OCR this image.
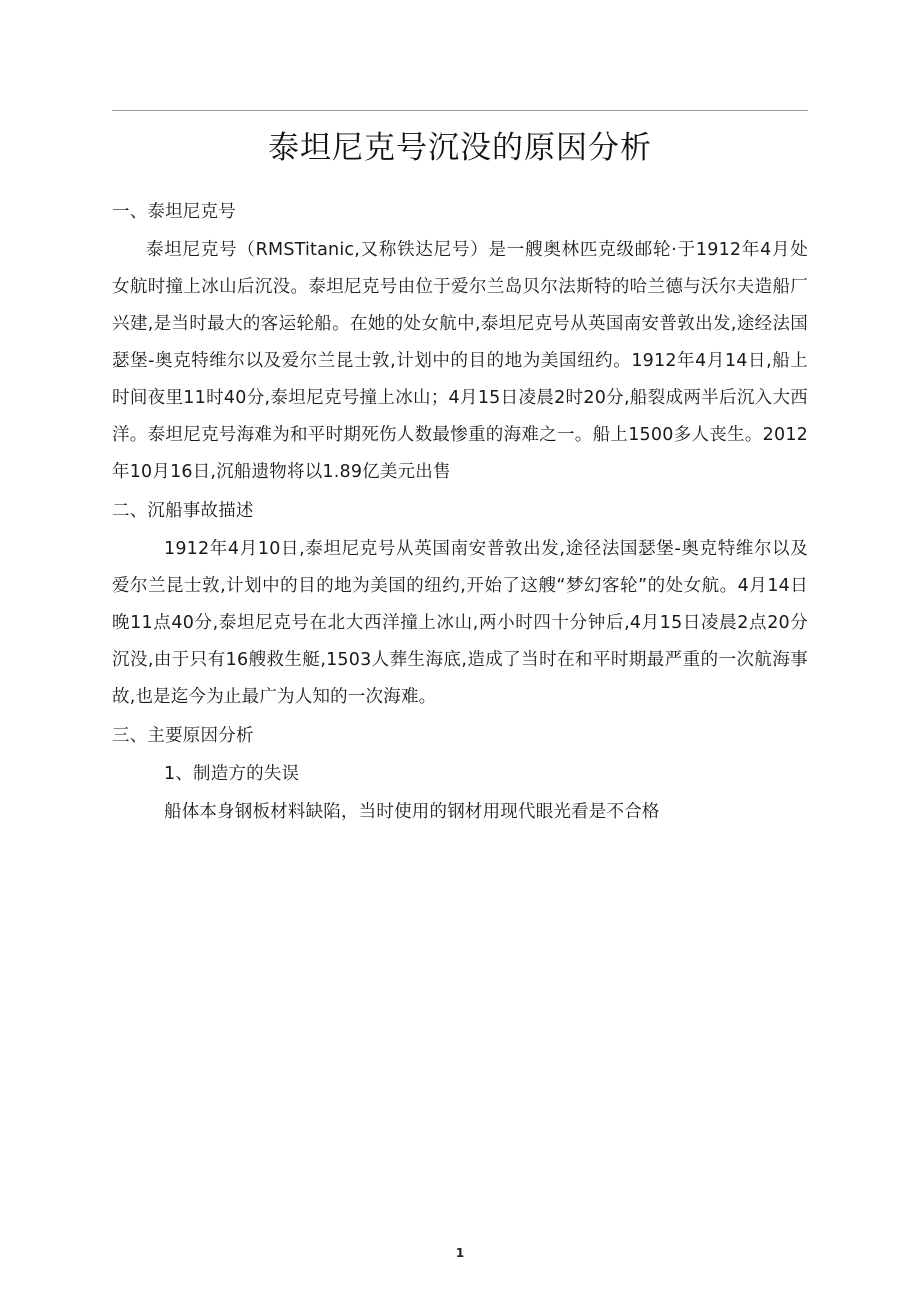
泰坦尼克号沉没的原因分析

一、泰坦尼克号

泰坦尼克号（RMSTitanic,又称铁达尼号）是一艘奥林匹克级邮轮·于1912年4月处女航时撞上冰山后沉没。泰坦尼克号由位于爱尔兰岛贝尔法斯特的哈兰德与沃尔夫造船厂兴建,是当时最大的客运轮船。在她的处女航中,泰坦尼克号从英国南安普敦出发,途经法国瑟堡-奥克特维尔以及爱尔兰昆士敦,计划中的目的地为美国纽约。1912年4月14日,船上时间夜里11时40分,泰坦尼克号撞上冰山；4月15日凌晨2时20分,船裂成两半后沉入大西洋。泰坦尼克号海难为和平时期死伤人数最惨重的海难之一。船上1500多人丧生。2012年10月16日,沉船遗物将以1.89亿美元出售

二、沉船事故描述

1912年4月10日,泰坦尼克号从英国南安普敦出发,途径法国瑟堡-奥克特维尔以及爱尔兰昆士敦,计划中的目的地为美国的纽约,开始了这艘“梦幻客轮”的处女航。4月14日晚11点40分,泰坦尼克号在北大西洋撞上冰山,两小时四十分钟后,4月15日凌晨2点20分沉没,由于只有16艘救生艇,1503人葬生海底,造成了当时在和平时期最严重的一次航海事故,也是迄今为止最广为人知的一次海难。

三、主要原因分析

1、制造方的失误

船体本身钢板材料缺陷，当时使用的钢材用现代眼光看是不合格

1
